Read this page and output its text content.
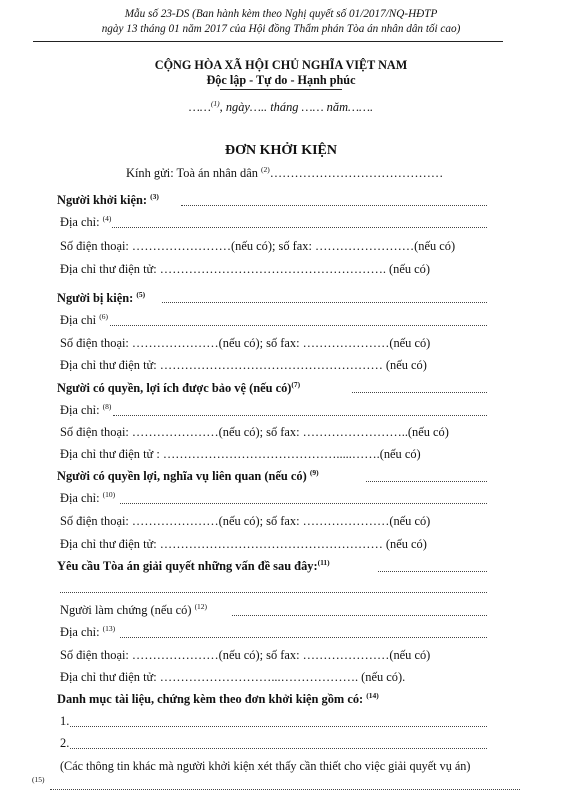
Mẫu số 23-DS (Ban hành kèm theo Nghị quyết số 01/2017/NQ-HĐTP
ngày 13 tháng 01 năm 2017 của Hội đồng Thẩm phán Tòa án nhân dân tối cao)
CỘNG HÒA XÃ HỘI CHỦ NGHĨA VIỆT NAM
Độc lập - Tự do - Hạnh phúc
……$^{(1)}$, ngày….. tháng …… năm…….
ĐƠN KHỞI KIỆN
Kính gửi: Toà án nhân dân $^{(2)}$……………………………………
Người khởi kiện: $^{(3)}$
Địa chỉ: $^{(4)}$
Số điện thoại: ……………………(nếu có); số fax: ……………………(nếu có)
Địa chỉ thư điện tử: ………………………………………………. (nếu có)
Người bị kiện: $^{(5)}$
Địa chỉ $^{(6)}$
Số điện thoại: …………………(nếu có); số fax: …………………(nếu có)
Địa chỉ thư điện tử: ……………………………………………… (nếu có)
Người có quyền, lợi ích được bảo vệ (nếu có)$^{(7)}$
Địa chỉ: $^{(8)}$
Số điện thoại: …………………(nếu có); số fax: ……………………..(nếu có)
Địa chỉ thư điện tử : …………………………………….....…….(nếu có)
Người có quyền lợi, nghĩa vụ liên quan (nếu có) $^{(9)}$
Địa chỉ: $^{(10)}$
Số điện thoại: …………………(nếu có); số fax: …………………(nếu có)
Địa chỉ thư điện tử: ……………………………………………… (nếu có)
Yêu cầu Tòa án giải quyết những vấn đề sau đây:$^{(11)}$
Người làm chứng (nếu có) $^{(12)}$
Địa chỉ: $^{(13)}$
Số điện thoại: …………………(nếu có); số fax: …………………(nếu có)
Địa chỉ thư điện tử: ………………………...………………. (nếu có).
Danh mục tài liệu, chứng kèm theo đơn khởi kiện gồm có: $^{(14)}$
1.
2.
(Các thông tin khác mà người khởi kiện xét thấy cần thiết cho việc giải quyết vụ án)
(15)
